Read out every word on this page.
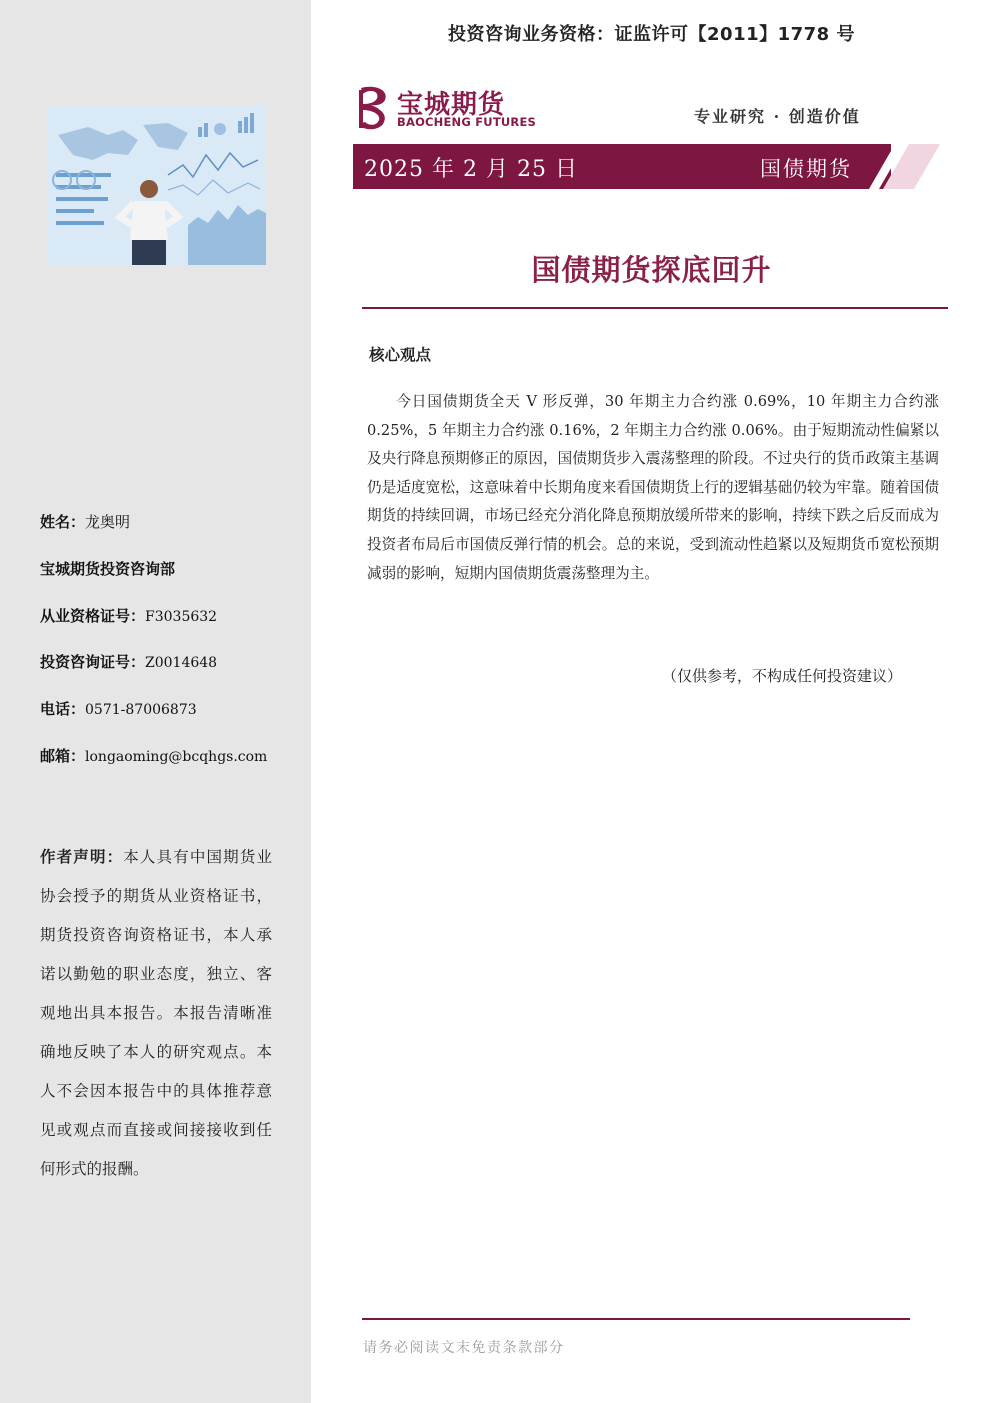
姓名：龙奥明
宝城期货投资咨询部
从业资格证号：F3035632
投资咨询证号：Z0014648
电话：0571-87006873
邮箱：longaoming@bcqhgs.com
作者声明：本人具有中国期货业协会授予的期货从业资格证书，期货投资咨询资格证书，本人承诺以勤勉的职业态度，独立、客观地出具本报告。本报告清晰准确地反映了本人的研究观点。本人不会因本报告中的具体推荐意见或观点而直接或间接接收到任何形式的报酬。
投资咨询业务资格：证监许可【2011】1778 号
宝城期货
BAOCHENG FUTURES	专业研究 · 创造价值
2025 年 2 月 25 日	国债期货
国债期货探底回升
核心观点
今日国债期货全天 V 形反弹，30 年期主力合约涨 0.69%，10 年期主力合约涨 0.25%，5 年期主力合约涨 0.16%，2 年期主力合约涨 0.06%。由于短期流动性偏紧以及央行降息预期修正的原因，国债期货步入震荡整理的阶段。不过央行的货币政策主基调仍是适度宽松，这意味着中长期角度来看国债期货上行的逻辑基础仍较为牢靠。随着国债期货的持续回调，市场已经充分消化降息预期放缓所带来的影响，持续下跌之后反而成为投资者布局后市国债反弹行情的机会。总的来说，受到流动性趋紧以及短期货币宽松预期减弱的影响，短期内国债期货震荡整理为主。
（仅供参考，不构成任何投资建议）
请务必阅读文末免责条款部分
